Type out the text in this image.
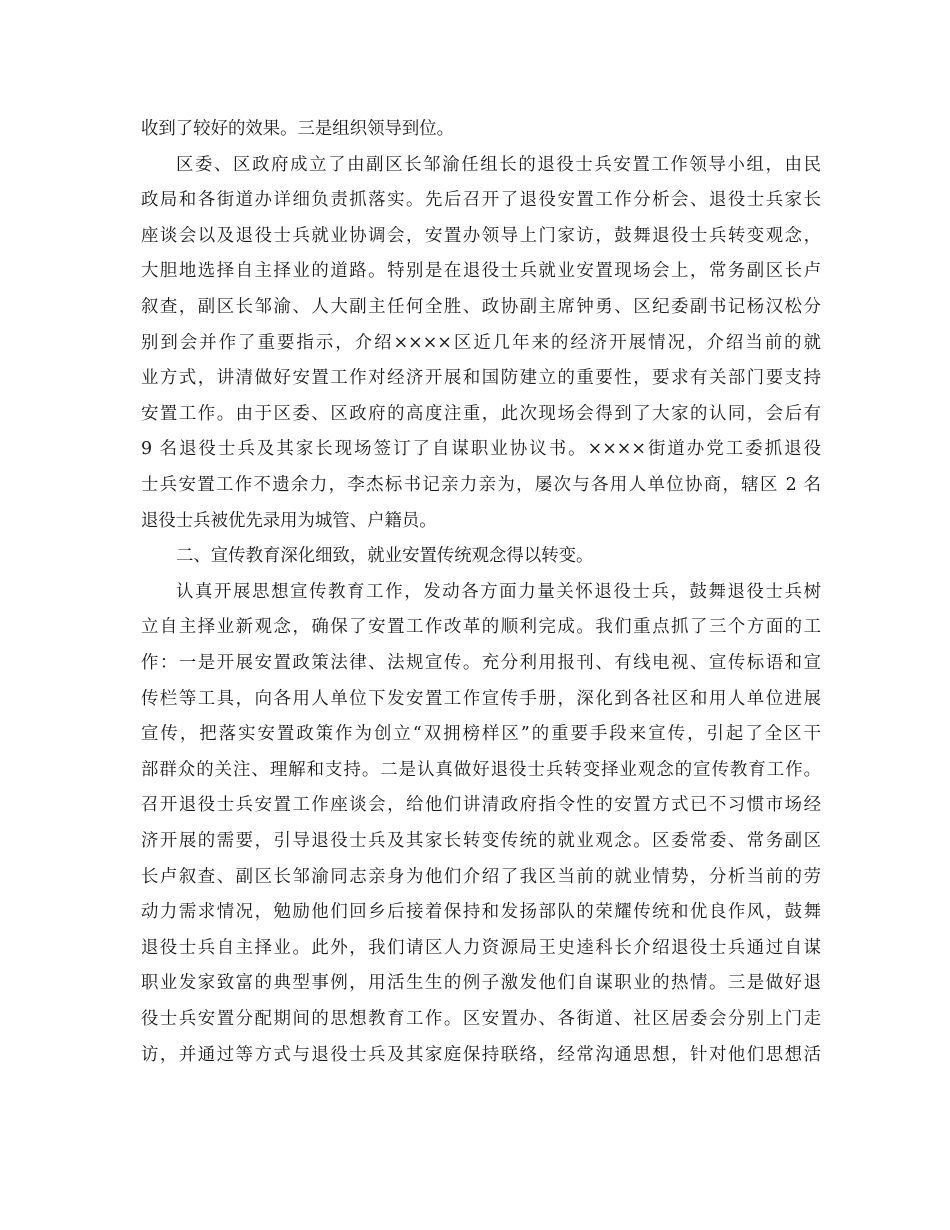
收到了较好的效果。三是组织领导到位。
区委、区政府成立了由副区长邹渝任组长的退役士兵安置工作领导小组，由民
政局和各街道办详细负责抓落实。先后召开了退役安置工作分析会、退役士兵家长
座谈会以及退役士兵就业协调会，安置办领导上门家访，鼓舞退役士兵转变观念，
大胆地选择自主择业的道路。特别是在退役士兵就业安置现场会上，常务副区长卢
叙查，副区长邹渝、人大副主任何全胜、政协副主席钟勇、区纪委副书记杨汉松分
别到会并作了重要指示，介绍××××区近几年来的经济开展情况，介绍当前的就
业方式，讲清做好安置工作对经济开展和国防建立的重要性，要求有关部门要支持
安置工作。由于区委、区政府的高度注重，此次现场会得到了大家的认同，会后有
9 名退役士兵及其家长现场签订了自谋职业协议书。××××街道办党工委抓退役
士兵安置工作不遗余力，李杰标书记亲力亲为，屡次与各用人单位协商，辖区 2 名
退役士兵被优先录用为城管、户籍员。
二、宣传教育深化细致，就业安置传统观念得以转变。
认真开展思想宣传教育工作，发动各方面力量关怀退役士兵，鼓舞退役士兵树
立自主择业新观念，确保了安置工作改革的顺利完成。我们重点抓了三个方面的工
作：一是开展安置政策法律、法规宣传。充分利用报刊、有线电视、宣传标语和宣
传栏等工具，向各用人单位下发安置工作宣传手册，深化到各社区和用人单位进展
宣传，把落实安置政策作为创立“双拥榜样区”的重要手段来宣传，引起了全区干
部群众的关注、理解和支持。二是认真做好退役士兵转变择业观念的宣传教育工作。
召开退役士兵安置工作座谈会，给他们讲清政府指令性的安置方式已不习惯市场经
济开展的需要，引导退役士兵及其家长转变传统的就业观念。区委常委、常务副区
长卢叙查、副区长邹渝同志亲身为他们介绍了我区当前的就业情势，分析当前的劳
动力需求情况，勉励他们回乡后接着保持和发扬部队的荣耀传统和优良作风，鼓舞
退役士兵自主择业。此外，我们请区人力资源局王史逵科长介绍退役士兵通过自谋
职业发家致富的典型事例，用活生生的例子激发他们自谋职业的热情。三是做好退
役士兵安置分配期间的思想教育工作。区安置办、各街道、社区居委会分别上门走
访，并通过等方式与退役士兵及其家庭保持联络，经常沟通思想，针对他们思想活
